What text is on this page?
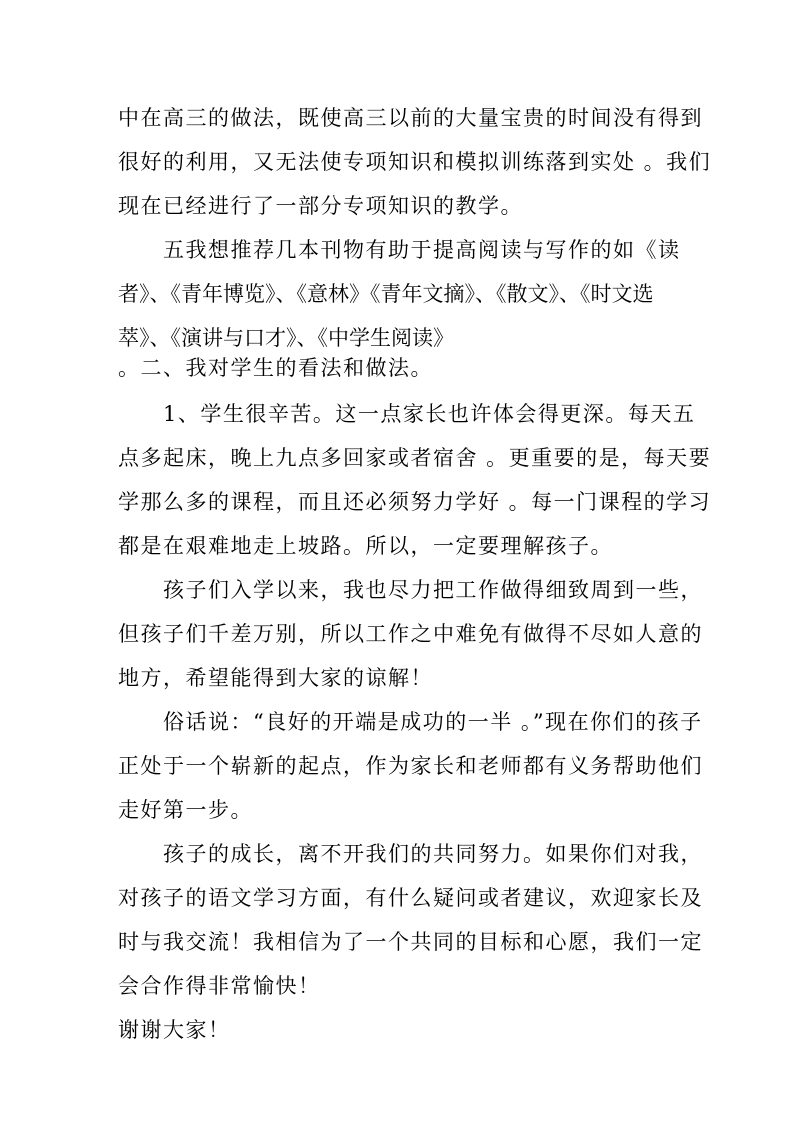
中在高三的做法，既使高三以前的大量宝贵的时间没有得到

很好的利用，又无法使专项知识和模拟训练落到实处 。我们

现在已经进行了一部分专项知识的教学。

五我想推荐几本刊物有助于提高阅读与写作的如《读

者》、《青年博览》、《意林》《青年文摘》、《散文》、《时文选

萃》、《演讲与口才》、《中学生阅读》

。二、我对学生的看法和做法。

1、学生很辛苦。这一点家长也许体会得更深。每天五

点多起床，晚上九点多回家或者宿舍 。更重要的是，每天要

学那么多的课程，而且还必须努力学好 。每一门课程的学习

都是在艰难地走上坡路。所以，一定要理解孩子。

孩子们入学以来，我也尽力把工作做得细致周到一些，

但孩子们千差万别，所以工作之中难免有做得不尽如人意的

地方，希望能得到大家的谅解！

俗话说：“良好的开端是成功的一半 。”现在你们的孩子

正处于一个崭新的起点，作为家长和老师都有义务帮助他们

走好第一步。

孩子的成长，离不开我们的共同努力。如果你们对我，

对孩子的语文学习方面，有什么疑问或者建议，欢迎家长及

时与我交流！我相信为了一个共同的目标和心愿，我们一定

会合作得非常愉快！

谢谢大家！
